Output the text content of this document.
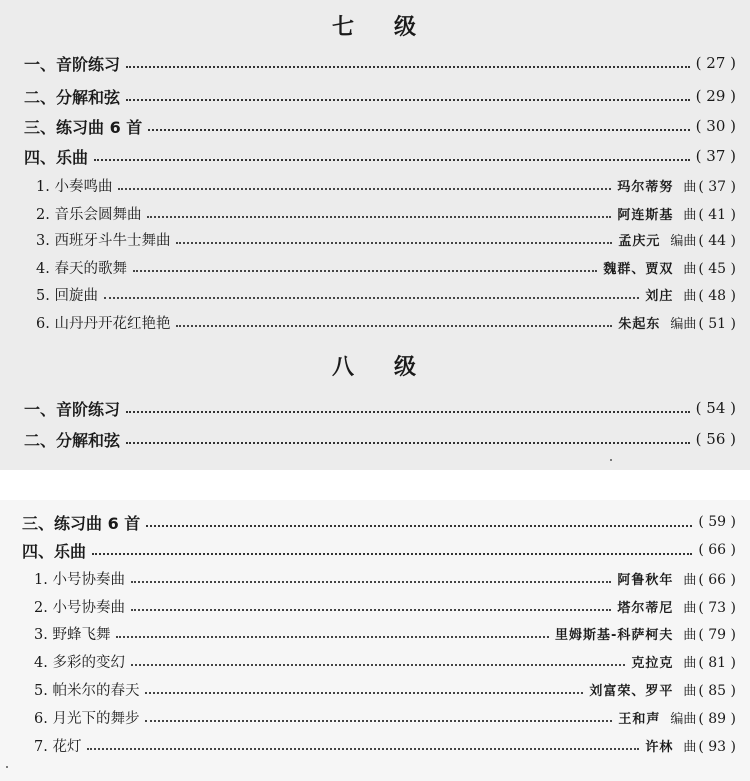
七 级
一、音阶练习	( 27 )
二、分解和弦	( 29 )
三、练习曲 6 首	( 30 )
四、乐曲	( 37 )
1. 小奏鸣曲	玛尔蒂努 曲 ( 37 )
2. 音乐会圆舞曲	阿连斯基 曲 ( 41 )
3. 西班牙斗牛士舞曲	孟庆元 编曲 ( 44 )
4. 春天的歌舞	魏群、贾双 曲 ( 45 )
5. 回旋曲	刘庄 曲 ( 48 )
6. 山丹丹开花红艳艳	朱起东 编曲 ( 51 )
八 级
一、音阶练习	( 54 )
二、分解和弦	( 56 )
三、练习曲 6 首	( 59 )
四、乐曲	( 66 )
1. 小号协奏曲	阿鲁秋年 曲 ( 66 )
2. 小号协奏曲	塔尔蒂尼 曲 ( 73 )
3. 野蜂飞舞	里姆斯基-科萨柯夫 曲 ( 79 )
4. 多彩的变幻	克拉克 曲 ( 81 )
5. 帕米尔的春天	刘富荣、罗平 曲 ( 85 )
6. 月光下的舞步	王和声 编曲 ( 89 )
7. 花灯	许林 曲 ( 93 )
